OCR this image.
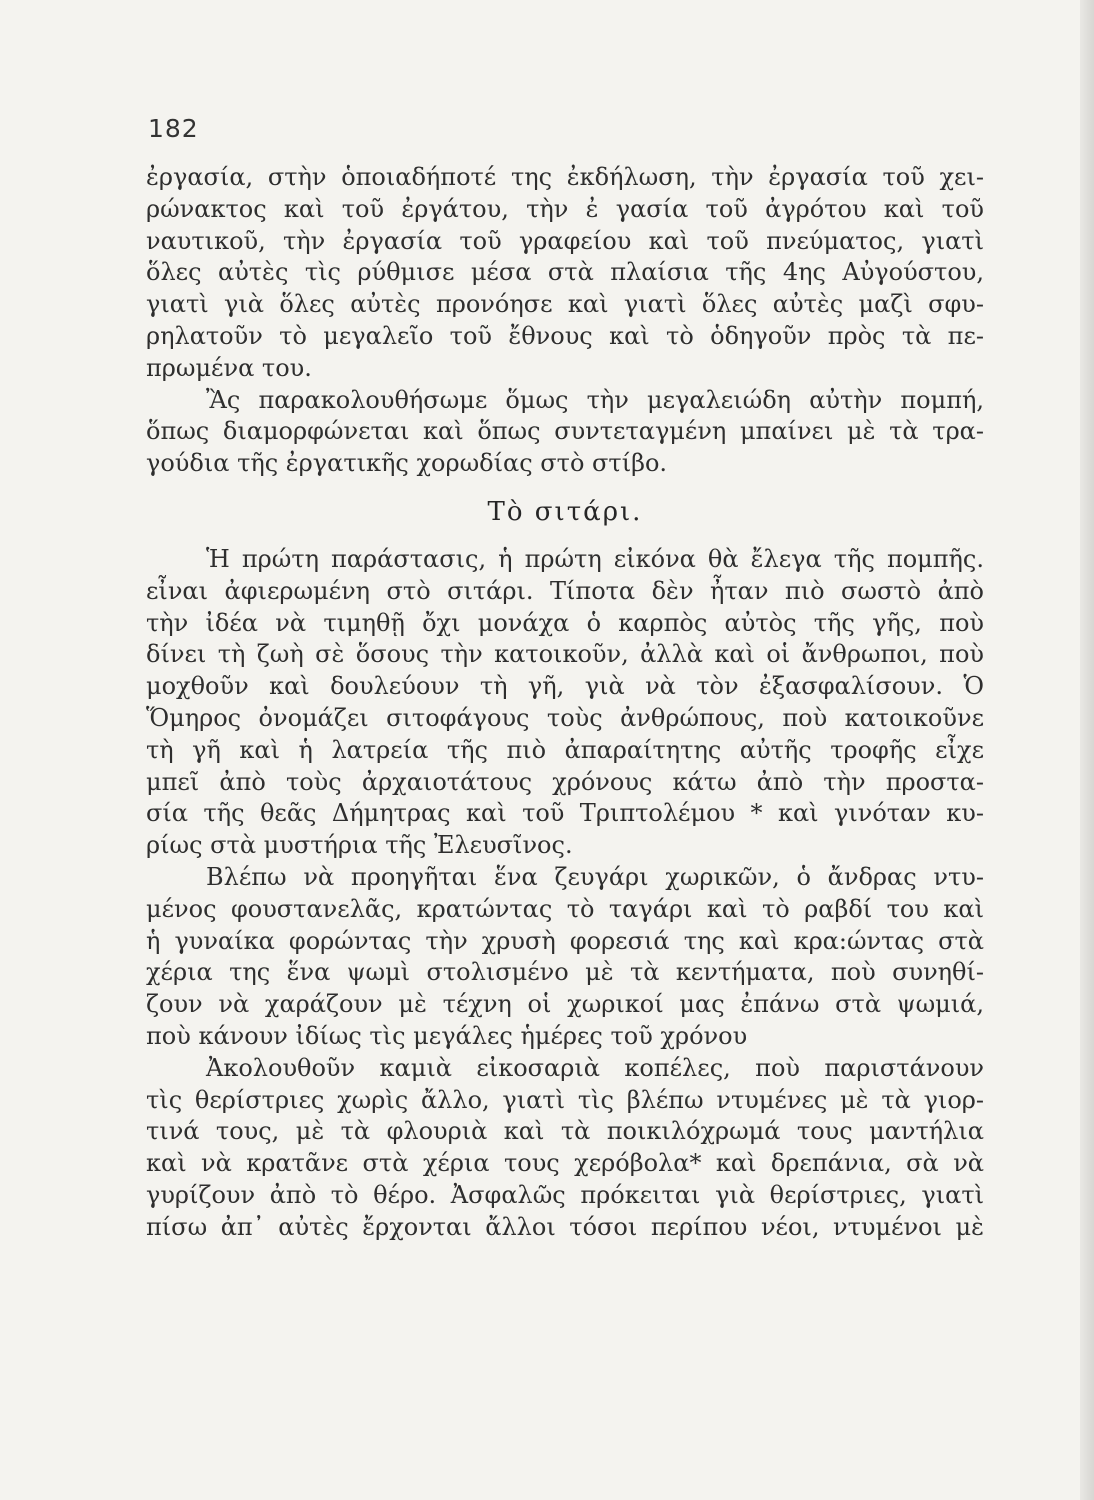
182
ἐργασία, στὴν ὁποιαδήποτέ της ἐκδήλωση, τὴν ἐργασία τοῦ χει-
ρώνακτος καὶ τοῦ ἐργάτου, τὴν ἐ γασία τοῦ ἀγρότου καὶ τοῦ
ναυτικοῦ, τὴν ἐργασία τοῦ γραφείου καὶ τοῦ πνεύματος, γιατὶ
ὅλες αὐτὲς τὶς ρύθμισε μέσα στὰ πλαίσια τῆς 4ης Αὐγούστου,
γιατὶ γιὰ ὅλες αὐτὲς προνόησε καὶ γιατὶ ὅλες αὐτὲς μαζὶ σφυ-
ρηλατοῦν τὸ μεγαλεῖο τοῦ ἔθνους καὶ τὸ ὁδηγοῦν πρὸς τὰ πε-
πρωμένα του.
Ἂς παρακολουθήσωμε ὅμως τὴν μεγαλειώδη αὐτὴν πομπή,
ὅπως διαμορφώνεται καὶ ὅπως συντεταγμένη μπαίνει μὲ τὰ τρα-
γούδια τῆς ἐργατικῆς χορωδίας στὸ στίβο.
Τὸ σιτάρι.
Ἡ πρώτη παράστασις, ἡ πρώτη εἰκόνα θὰ ἔλεγα τῆς πομπῆς.
εἶναι ἀφιερωμένη στὸ σιτάρι. Τίποτα δὲν ἦταν πιὸ σωστὸ ἀπὸ
τὴν ἰδέα νὰ τιμηθῇ ὄχι μονάχα ὁ καρπὸς αὐτὸς τῆς γῆς, ποὺ
δίνει τὴ ζωὴ σὲ ὅσους τὴν κατοικοῦν, ἀλλὰ καὶ οἱ ἄνθρωποι, ποὺ
μοχθοῦν καὶ δουλεύουν τὴ γῆ, γιὰ νὰ τὸν ἐξασφαλίσουν. Ὁ
Ὅμηρος ὀνομάζει σιτοφάγους τοὺς ἀνθρώπους, ποὺ κατοικοῦνε
τὴ γῆ καὶ ἡ λατρεία τῆς πιὸ ἀπαραίτητης αὐτῆς τροφῆς εἶχε
μπεῖ ἀπὸ τοὺς ἀρχαιοτάτους χρόνους κάτω ἀπὸ τὴν προστα-
σία τῆς θεᾶς Δήμητρας καὶ τοῦ Τριπτολέμου * καὶ γινόταν κυ-
ρίως στὰ μυστήρια τῆς Ἐλευσῖνος.
Βλέπω νὰ προηγῆται ἕνα ζευγάρι χωρικῶν, ὁ ἄνδρας ντυ-
μένος φουστανελᾶς, κρατώντας τὸ ταγάρι καὶ τὸ ραβδί του καὶ
ἡ γυναίκα φορώντας τὴν χρυσὴ φορεσιά της καὶ κρα:ώντας στὰ
χέρια της ἕνα ψωμὶ στολισμένο μὲ τὰ κεντήματα, ποὺ συνηθί-
ζουν νὰ χαράζουν μὲ τέχνη οἱ χωρικοί μας ἐπάνω στὰ ψωμιά,
ποὺ κάνουν ἰδίως τὶς μεγάλες ἡμέρες τοῦ χρόνου
Ἀκολουθοῦν καμιὰ εἰκοσαριὰ κοπέλες, ποὺ παριστάνουν
τὶς θερίστριες χωρὶς ἄλλο, γιατὶ τὶς βλέπω ντυμένες μὲ τὰ γιορ-
τινά τους, μὲ τὰ φλουριὰ καὶ τὰ ποικιλόχρωμά τους μαντήλια
καὶ νὰ κρατᾶνε στὰ χέρια τους χερόβολα* καὶ δρεπάνια, σὰ νὰ
γυρίζουν ἀπὸ τὸ θέρο. Ἀσφαλῶς πρόκειται γιὰ θερίστριες, γιατὶ
πίσω ἀπ᾽ αὐτὲς ἔρχονται ἄλλοι τόσοι περίπου νέοι, ντυμένοι μὲ
